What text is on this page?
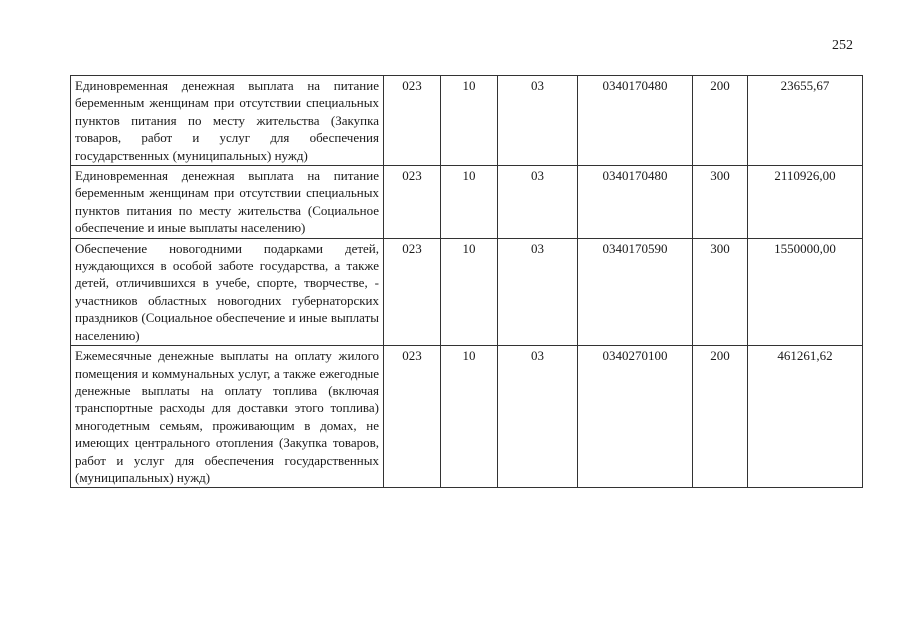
252
Единовременная денежная выплата на питание беременным женщинам при отсутствии специальных пунктов питания по месту жительства (Закупка товаров, работ и услуг для обеспечения государственных (муниципальных) нужд)	023	10	03	0340170480	200	23655,67
Единовременная денежная выплата на питание беременным женщинам при отсутствии специальных пунктов питания по месту жительства (Социальное обеспечение и иные выплаты населению)	023	10	03	0340170480	300	2110926,00
Обеспечение новогодними подарками детей, нуждающихся в особой заботе государства, а также детей, отличившихся в учебе, спорте, творчестве, - участников областных новогодних губернаторских праздников (Социальное обеспечение и иные выплаты населению)	023	10	03	0340170590	300	1550000,00
Ежемесячные денежные выплаты на оплату жилого помещения и коммунальных услуг, а также ежегодные денежные выплаты на оплату топлива (включая транспортные расходы для доставки этого топлива) многодетным семьям, проживающим в домах, не имеющих центрального отопления (Закупка товаров, работ и услуг для обеспечения государственных (муниципальных) нужд)	023	10	03	0340270100	200	461261,62
